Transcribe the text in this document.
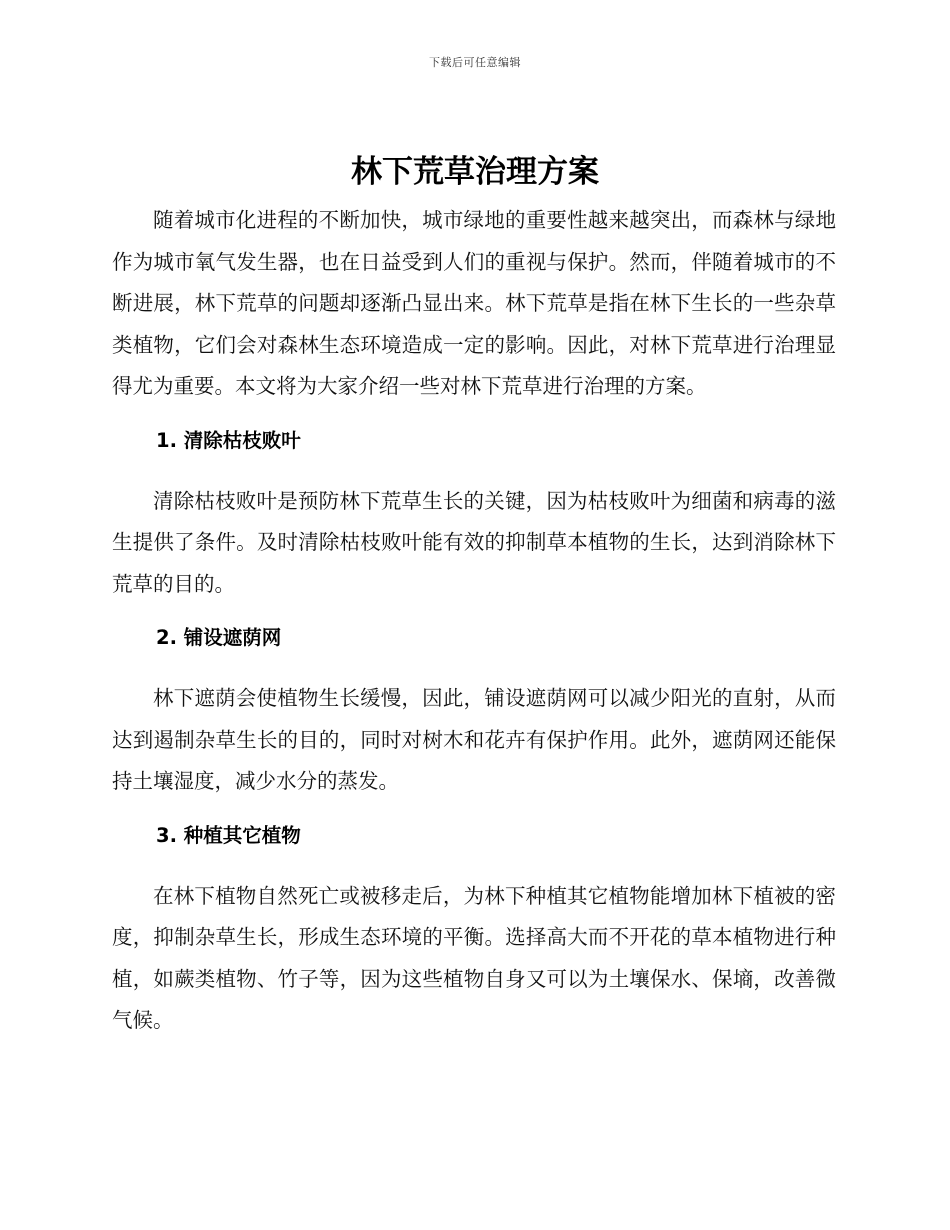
下载后可任意编辑
林下荒草治理方案

随着城市化进程的不断加快，城市绿地的重要性越来越突出，而森林与绿地作为城市氧气发生器，也在日益受到人们的重视与保护。然而，伴随着城市的不断进展，林下荒草的问题却逐渐凸显出来。林下荒草是指在林下生长的一些杂草类植物，它们会对森林生态环境造成一定的影响。因此，对林下荒草进行治理显得尤为重要。本文将为大家介绍一些对林下荒草进行治理的方案。

1. 清除枯枝败叶

清除枯枝败叶是预防林下荒草生长的关键，因为枯枝败叶为细菌和病毒的滋生提供了条件。及时清除枯枝败叶能有效的抑制草本植物的生长，达到消除林下荒草的目的。

2. 铺设遮荫网

林下遮荫会使植物生长缓慢，因此，铺设遮荫网可以减少阳光的直射，从而达到遏制杂草生长的目的，同时对树木和花卉有保护作用。此外，遮荫网还能保持土壤湿度，减少水分的蒸发。

3. 种植其它植物

在林下植物自然死亡或被移走后，为林下种植其它植物能增加林下植被的密度，抑制杂草生长，形成生态环境的平衡。选择高大而不开花的草本植物进行种植，如蕨类植物、竹子等，因为这些植物自身又可以为土壤保水、保墒，改善微气候。
